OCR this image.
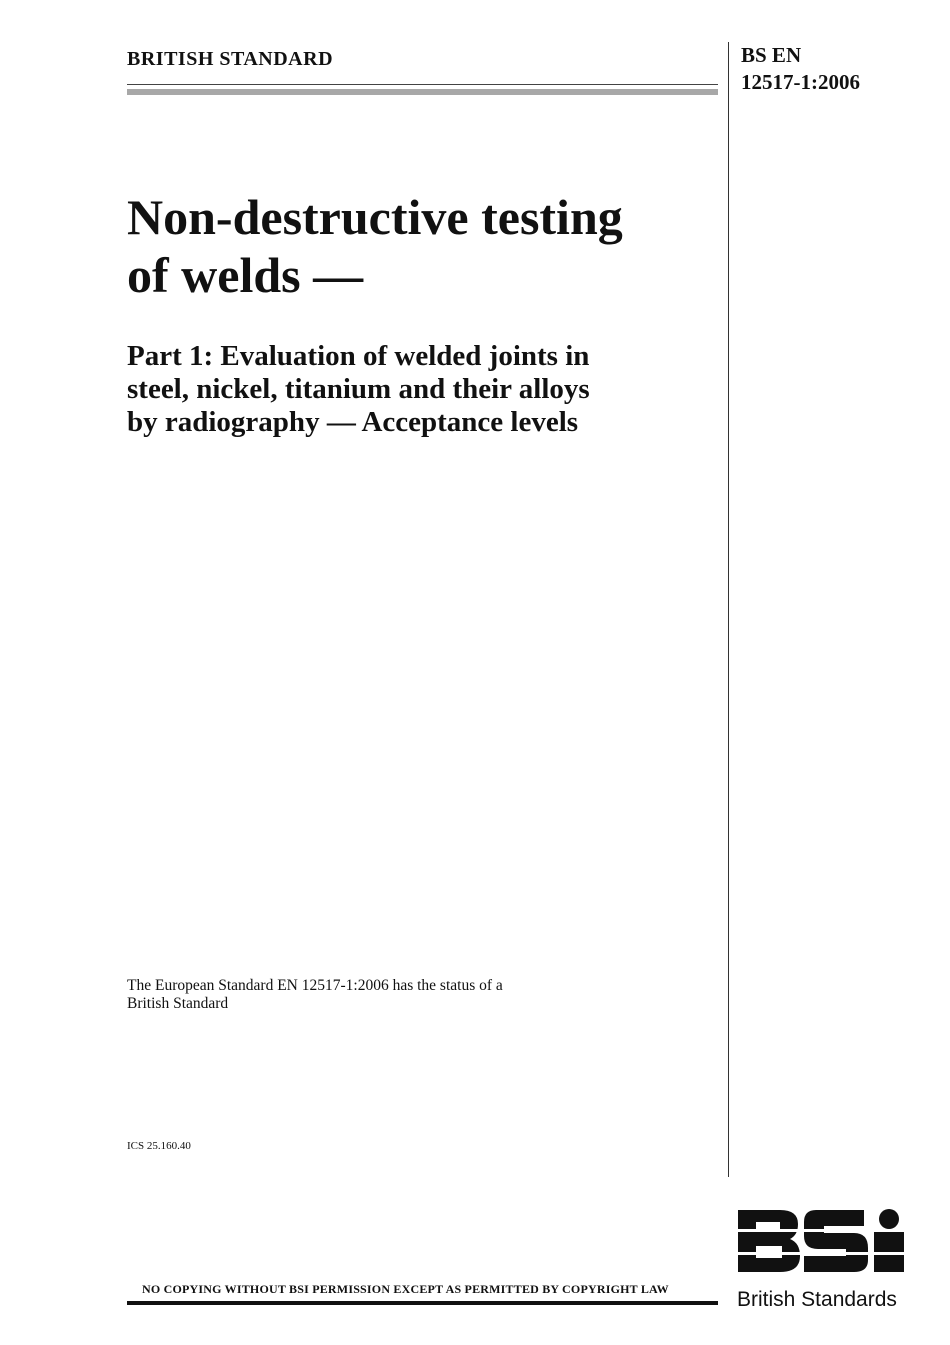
BRITISH STANDARD	BS EN
12517-1:2006
Non-destructive testing
of welds —
Part 1: Evaluation of welded joints in
steel, nickel, titanium and their alloys
by radiography — Acceptance levels
The European Standard EN 12517-1:2006 has the status of a
British Standard
ICS 25.160.40
NO COPYING WITHOUT BSI PERMISSION EXCEPT AS PERMITTED BY COPYRIGHT LAW	British Standards
